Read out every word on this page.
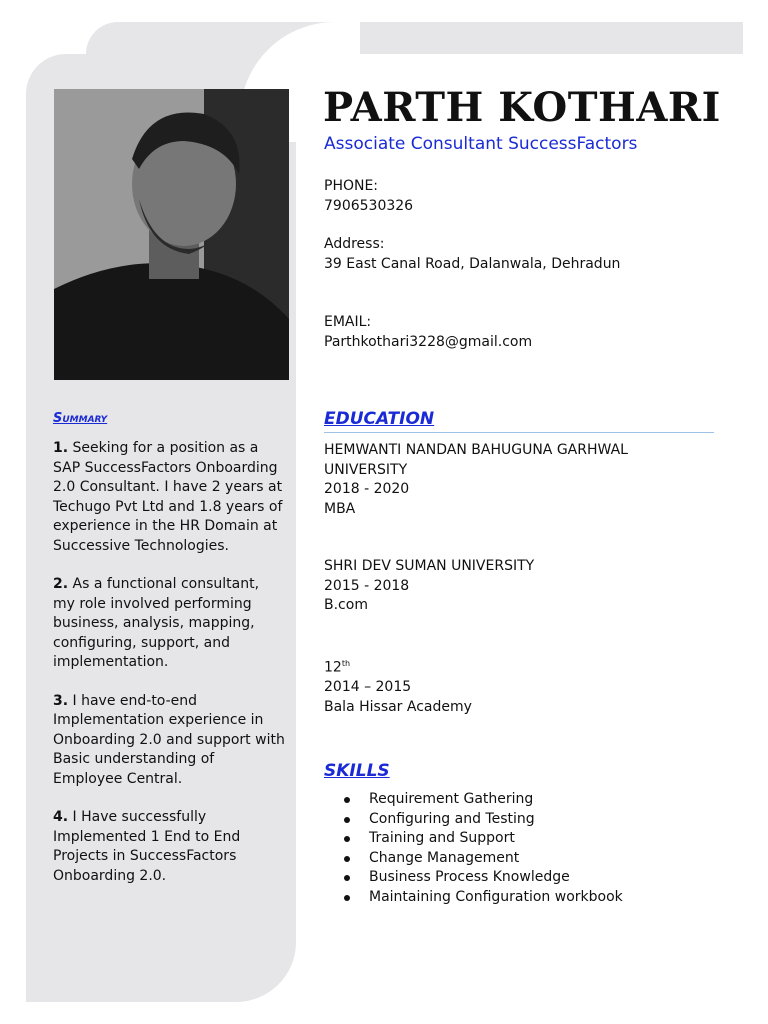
PARTH KOTHARI
Associate Consultant SuccessFactors
PHONE:
7906530326
Address:
39 East Canal Road, Dalanwala, Dehradun
EMAIL:
Parthkothari3228@gmail.com
Summary

1. Seeking for a position as a SAP SuccessFactors Onboarding 2.0 Consultant. I have 2 years at Techugo Pvt Ltd and 1.8 years of experience in the HR Domain at Successive Technologies.

2. As a functional consultant, my role involved performing business, analysis, mapping, configuring, support, and implementation.

3. I have end-to-end Implementation experience in Onboarding 2.0 and support with Basic understanding of Employee Central.

4. I Have successfully Implemented 1 End to End Projects in SuccessFactors Onboarding 2.0.

EDUCATION
HEMWANTI NANDAN BAHUGUNA GARHWAL UNIVERSITY
2018 - 2020
MBA
SHRI DEV SUMAN UNIVERSITY
2015 - 2018
B.com
12th
2014 – 2015
Bala Hissar Academy
SKILLS
Requirement Gathering
Configuring and Testing
Training and Support
Change Management
Business Process Knowledge
Maintaining Configuration workbook
